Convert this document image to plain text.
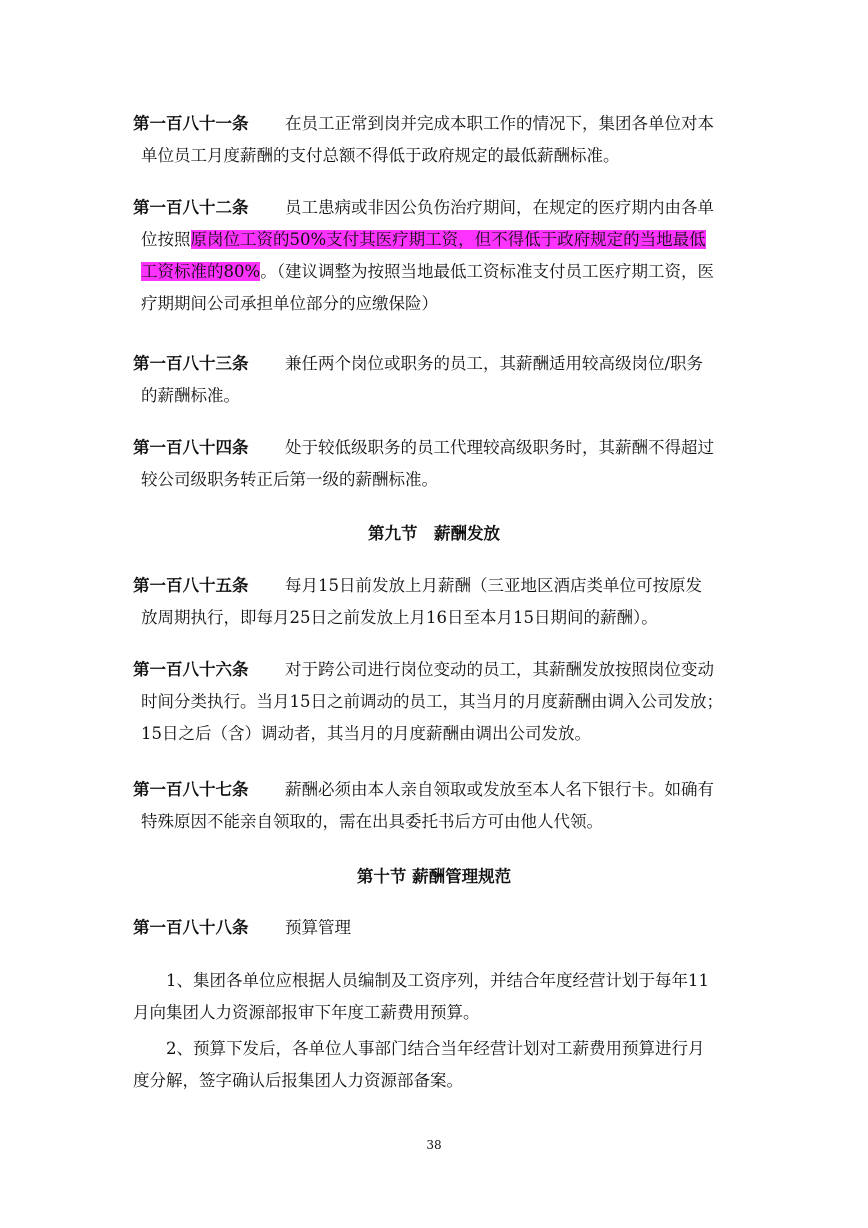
第一百八十一条 在员工正常到岗并完成本职工作的情况下，集团各单位对本
单位员工月度薪酬的支付总额不得低于政府规定的最低薪酬标准。
第一百八十二条 员工患病或非因公负伤治疗期间，在规定的医疗期内由各单
位按照原岗位工资的50%支付其医疗期工资，但不得低于政府规定的当地最低
工资标准的80%。（建议调整为按照当地最低工资标准支付员工医疗期工资，医
疗期期间公司承担单位部分的应缴保险）
第一百八十三条 兼任两个岗位或职务的员工，其薪酬适用较高级岗位/职务
的薪酬标准。
第一百八十四条 处于较低级职务的员工代理较高级职务时，其薪酬不得超过
较公司级职务转正后第一级的薪酬标准。
第九节　薪酬发放
第一百八十五条 每月15日前发放上月薪酬（三亚地区酒店类单位可按原发
放周期执行，即每月25日之前发放上月16日至本月15日期间的薪酬）。
第一百八十六条 对于跨公司进行岗位变动的员工，其薪酬发放按照岗位变动
时间分类执行。当月15日之前调动的员工，其当月的月度薪酬由调入公司发放；
15日之后（含）调动者，其当月的月度薪酬由调出公司发放。
第一百八十七条 薪酬必须由本人亲自领取或发放至本人名下银行卡。如确有
特殊原因不能亲自领取的，需在出具委托书后方可由他人代领。
第十节 薪酬管理规范
第一百八十八条 预算管理
1、集团各单位应根据人员编制及工资序列，并结合年度经营计划于每年11
月向集团人力资源部报审下年度工薪费用预算。
2、预算下发后，各单位人事部门结合当年经营计划对工薪费用预算进行月
度分解，签字确认后报集团人力资源部备案。
38
